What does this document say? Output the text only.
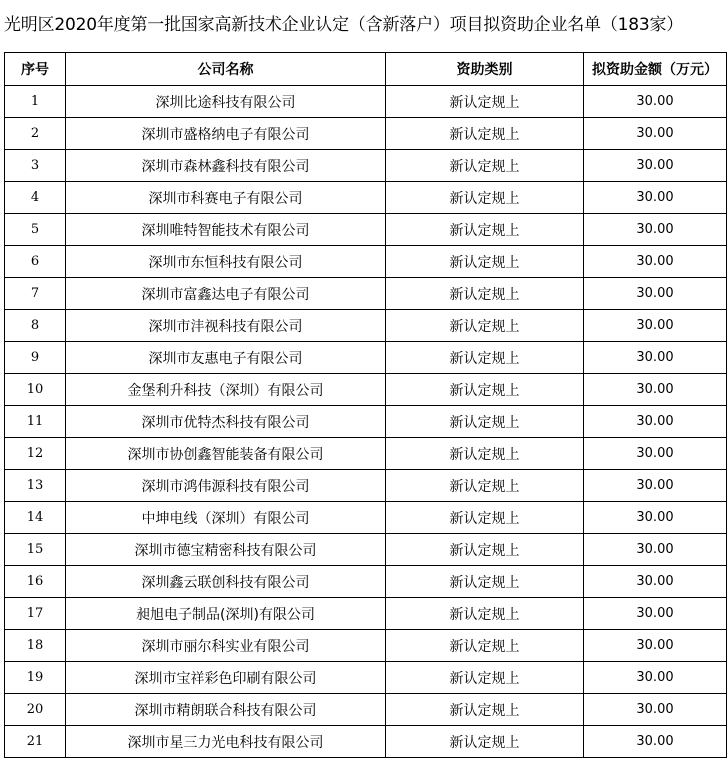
光明区2020年度第一批国家高新技术企业认定（含新落户）项目拟资助企业名单（183家）
序号	公司名称	资助类别	拟资助金额（万元）
1	深圳比途科技有限公司	新认定规上	30.00
2	深圳市盛格纳电子有限公司	新认定规上	30.00
3	深圳市森林鑫科技有限公司	新认定规上	30.00
4	深圳市科赛电子有限公司	新认定规上	30.00
5	深圳唯特智能技术有限公司	新认定规上	30.00
6	深圳市东恒科技有限公司	新认定规上	30.00
7	深圳市富鑫达电子有限公司	新认定规上	30.00
8	深圳市沣视科技有限公司	新认定规上	30.00
9	深圳市友惠电子有限公司	新认定规上	30.00
10	金堡利升科技（深圳）有限公司	新认定规上	30.00
11	深圳市优特杰科技有限公司	新认定规上	30.00
12	深圳市协创鑫智能装备有限公司	新认定规上	30.00
13	深圳市鸿伟源科技有限公司	新认定规上	30.00
14	中坤电线（深圳）有限公司	新认定规上	30.00
15	深圳市德宝精密科技有限公司	新认定规上	30.00
16	深圳鑫云联创科技有限公司	新认定规上	30.00
17	昶旭电子制品(深圳)有限公司	新认定规上	30.00
18	深圳市丽尔科实业有限公司	新认定规上	30.00
19	深圳市宝祥彩色印刷有限公司	新认定规上	30.00
20	深圳市精朗联合科技有限公司	新认定规上	30.00
21	深圳市星三力光电科技有限公司	新认定规上	30.00
